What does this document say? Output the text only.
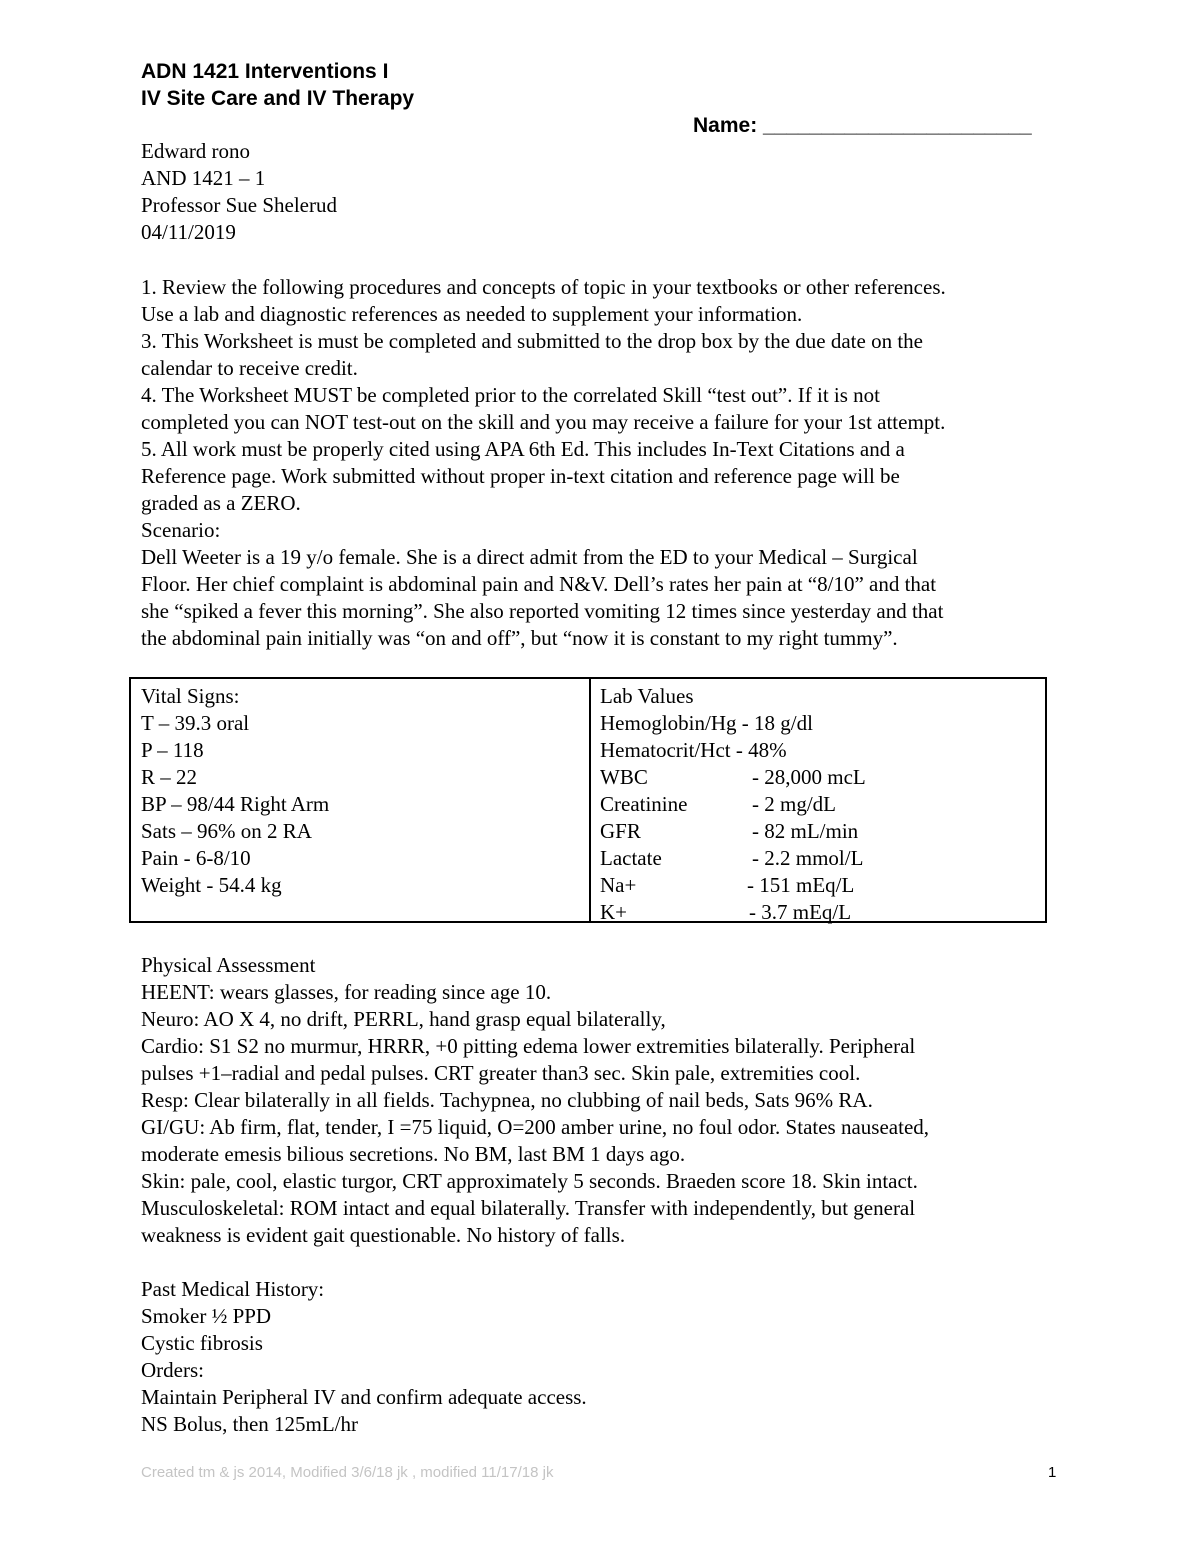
ADN 1421 Interventions I
IV Site Care and IV Therapy
Name: _______________________
Edward rono
AND 1421 – 1
Professor Sue Shelerud
04/11/2019
1. Review the following procedures and concepts of topic in your textbooks or other references.
Use a lab and diagnostic references as needed to supplement your information.
3. This Worksheet is must be completed and submitted to the drop box by the due date on the
calendar to receive credit.
4. The Worksheet MUST be completed prior to the correlated Skill “test out”. If it is not
completed you can NOT test-out on the skill and you may receive a failure for your 1st attempt.
5. All work must be properly cited using APA 6th Ed. This includes In-Text Citations and a
Reference page. Work submitted without proper in-text citation and reference page will be
graded as a ZERO.
Scenario:
Dell Weeter is a 19 y/o female. She is a direct admit from the ED to your Medical – Surgical
Floor. Her chief complaint is abdominal pain and N&V. Dell’s rates her pain at “8/10” and that
she “spiked a fever this morning”. She also reported vomiting 12 times since yesterday and that
the abdominal pain initially was “on and off”, but “now it is constant to my right tummy”.
Vital Signs:
T – 39.3 oral
P – 118
R – 22
BP – 98/44 Right Arm
Sats – 96% on 2 RA
Pain - 6-8/10
Weight - 54.4 kg
Lab Values
Hemoglobin/Hg - 18 g/dl
Hematocrit/Hct - 48%
WBC	- 28,000 mcL
Creatinine	- 2 mg/dL
GFR	- 82 mL/min
Lactate	- 2.2 mmol/L
Na+	- 151 mEq/L
K+	- 3.7 mEq/L
Physical Assessment
HEENT: wears glasses, for reading since age 10.
Neuro: AO X 4, no drift, PERRL, hand grasp equal bilaterally,
Cardio: S1 S2 no murmur, HRRR, +0 pitting edema lower extremities bilaterally. Peripheral
pulses +1–radial and pedal pulses. CRT greater than3 sec. Skin pale, extremities cool.
Resp: Clear bilaterally in all fields. Tachypnea, no clubbing of nail beds, Sats 96% RA.
GI/GU: Ab firm, flat, tender, I =75 liquid, O=200 amber urine, no foul odor. States nauseated,
moderate emesis bilious secretions. No BM, last BM 1 days ago.
Skin: pale, cool, elastic turgor, CRT approximately 5 seconds. Braeden score 18. Skin intact.
Musculoskeletal: ROM intact and equal bilaterally. Transfer with independently, but general
weakness is evident gait questionable. No history of falls.
Past Medical History:
Smoker ½ PPD
Cystic fibrosis
Orders:
Maintain Peripheral IV and confirm adequate access.
NS Bolus, then 125mL/hr
Created tm & js 2014, Modified 3/6/18 jk , modified 11/17/18 jk	1
